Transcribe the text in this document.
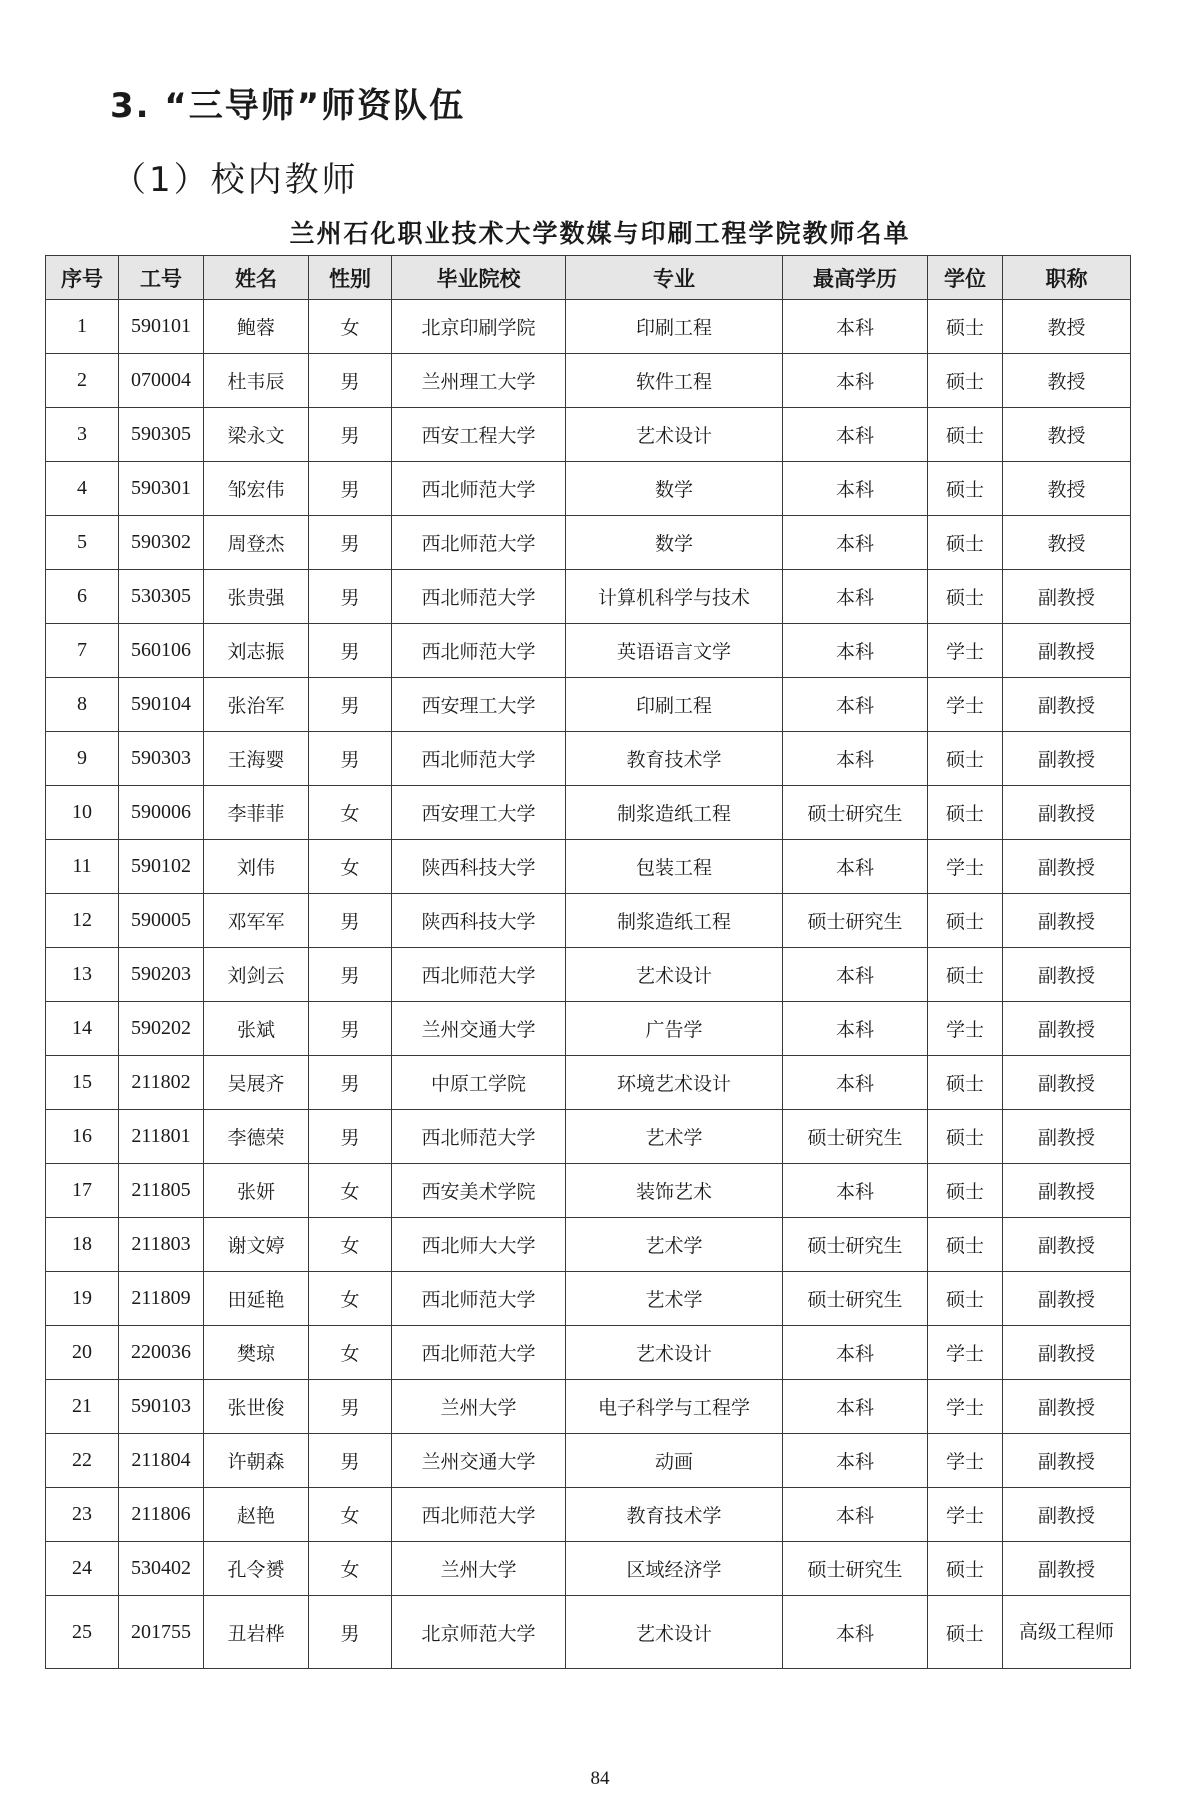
3. “三导师”师资队伍
（1）校内教师
兰州石化职业技术大学数媒与印刷工程学院教师名单
序号	工号	姓名	性别	毕业院校	专业	最高学历	学位	职称
1	590101	鲍蓉	女	北京印刷学院	印刷工程	本科	硕士	教授
2	070004	杜韦辰	男	兰州理工大学	软件工程	本科	硕士	教授
3	590305	梁永文	男	西安工程大学	艺术设计	本科	硕士	教授
4	590301	邹宏伟	男	西北师范大学	数学	本科	硕士	教授
5	590302	周登杰	男	西北师范大学	数学	本科	硕士	教授
6	530305	张贵强	男	西北师范大学	计算机科学与技术	本科	硕士	副教授
7	560106	刘志振	男	西北师范大学	英语语言文学	本科	学士	副教授
8	590104	张治军	男	西安理工大学	印刷工程	本科	学士	副教授
9	590303	王海婴	男	西北师范大学	教育技术学	本科	硕士	副教授
10	590006	李菲菲	女	西安理工大学	制浆造纸工程	硕士研究生	硕士	副教授
11	590102	刘伟	女	陕西科技大学	包装工程	本科	学士	副教授
12	590005	邓军军	男	陕西科技大学	制浆造纸工程	硕士研究生	硕士	副教授
13	590203	刘剑云	男	西北师范大学	艺术设计	本科	硕士	副教授
14	590202	张斌	男	兰州交通大学	广告学	本科	学士	副教授
15	211802	吴展齐	男	中原工学院	环境艺术设计	本科	硕士	副教授
16	211801	李德荣	男	西北师范大学	艺术学	硕士研究生	硕士	副教授
17	211805	张妍	女	西安美术学院	装饰艺术	本科	硕士	副教授
18	211803	谢文婷	女	西北师大大学	艺术学	硕士研究生	硕士	副教授
19	211809	田延艳	女	西北师范大学	艺术学	硕士研究生	硕士	副教授
20	220036	樊琼	女	西北师范大学	艺术设计	本科	学士	副教授
21	590103	张世俊	男	兰州大学	电子科学与工程学	本科	学士	副教授
22	211804	许朝森	男	兰州交通大学	动画	本科	学士	副教授
23	211806	赵艳	女	西北师范大学	教育技术学	本科	学士	副教授
24	530402	孔令赟	女	兰州大学	区域经济学	硕士研究生	硕士	副教授
25	201755	丑岩桦	男	北京师范大学	艺术设计	本科	硕士	高级工程师
84
